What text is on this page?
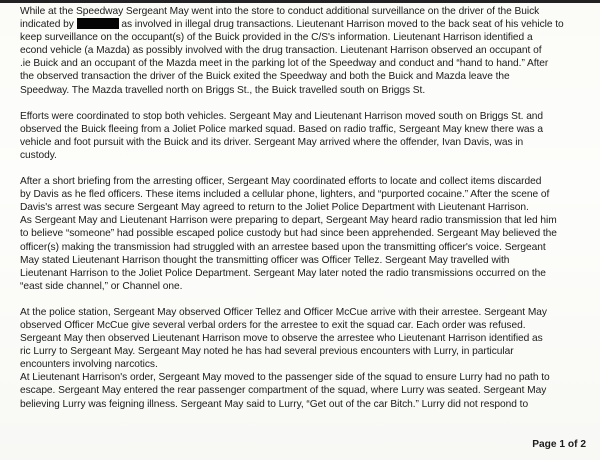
While at the Speedway Sergeant May went into the store to conduct additional surveillance on the driver of the Buick
indicated by	as involved in illegal drug transactions. Lieutenant Harrison moved to the back seat of his vehicle to
keep surveillance on the occupant(s) of the Buick provided in the C/S's information. Lieutenant Harrison identified a
econd vehicle (a Mazda) as possibly involved with the drug transaction. Lieutenant Harrison observed an occupant of
.ie Buick and an occupant of the Mazda meet in the parking lot of the Speedway and conduct and “hand to hand.” After
the observed transaction the driver of the Buick exited the Speedway and both the Buick and Mazda leave the
Speedway. The Mazda travelled north on Briggs St., the Buick travelled south on Briggs St.

Efforts were coordinated to stop both vehicles. Sergeant May and Lieutenant Harrison moved south on Briggs St. and
observed the Buick fleeing from a Joliet Police marked squad. Based on radio traffic, Sergeant May knew there was a
vehicle and foot pursuit with the Buick and its driver. Sergeant May arrived where the offender, Ivan Davis, was in
custody.

After a short briefing from the arresting officer, Sergeant May coordinated efforts to locate and collect items discarded
by Davis as he fled officers. These items included a cellular phone, lighters, and “purported cocaine.” After the scene of
Davis's arrest was secure Sergeant May agreed to return to the Joliet Police Department with Lieutenant Harrison.
As Sergeant May and Lieutenant Harrison were preparing to depart, Sergeant May heard radio transmission that led him
to believe “someone” had possible escaped police custody but had since been apprehended. Sergeant May believed the
officer(s) making the transmission had struggled with an arrestee based upon the transmitting officer's voice. Sergeant
May stated Lieutenant Harrison thought the transmitting officer was Officer Tellez. Sergeant May travelled with
Lieutenant Harrison to the Joliet Police Department. Sergeant May later noted the radio transmissions occurred on the
“east side channel,” or Channel one.

At the police station, Sergeant May observed Officer Tellez and Officer McCue arrive with their arrestee. Sergeant May
observed Officer McCue give several verbal orders for the arrestee to exit the squad car. Each order was refused.
Sergeant May then observed Lieutenant Harrison move to observe the arrestee who Lieutenant Harrison identified as
ric Lurry to Sergeant May. Sergeant May noted he has had several previous encounters with Lurry, in particular
encounters involving narcotics.
At Lieutenant Harrison's order, Sergeant May moved to the passenger side of the squad to ensure Lurry had no path to
escape. Sergeant May entered the rear passenger compartment of the squad, where Lurry was seated. Sergeant May
believing Lurry was feigning illness. Sergeant May said to Lurry, “Get out of the car Bitch.” Lurry did not respond to

Page 1 of 2
